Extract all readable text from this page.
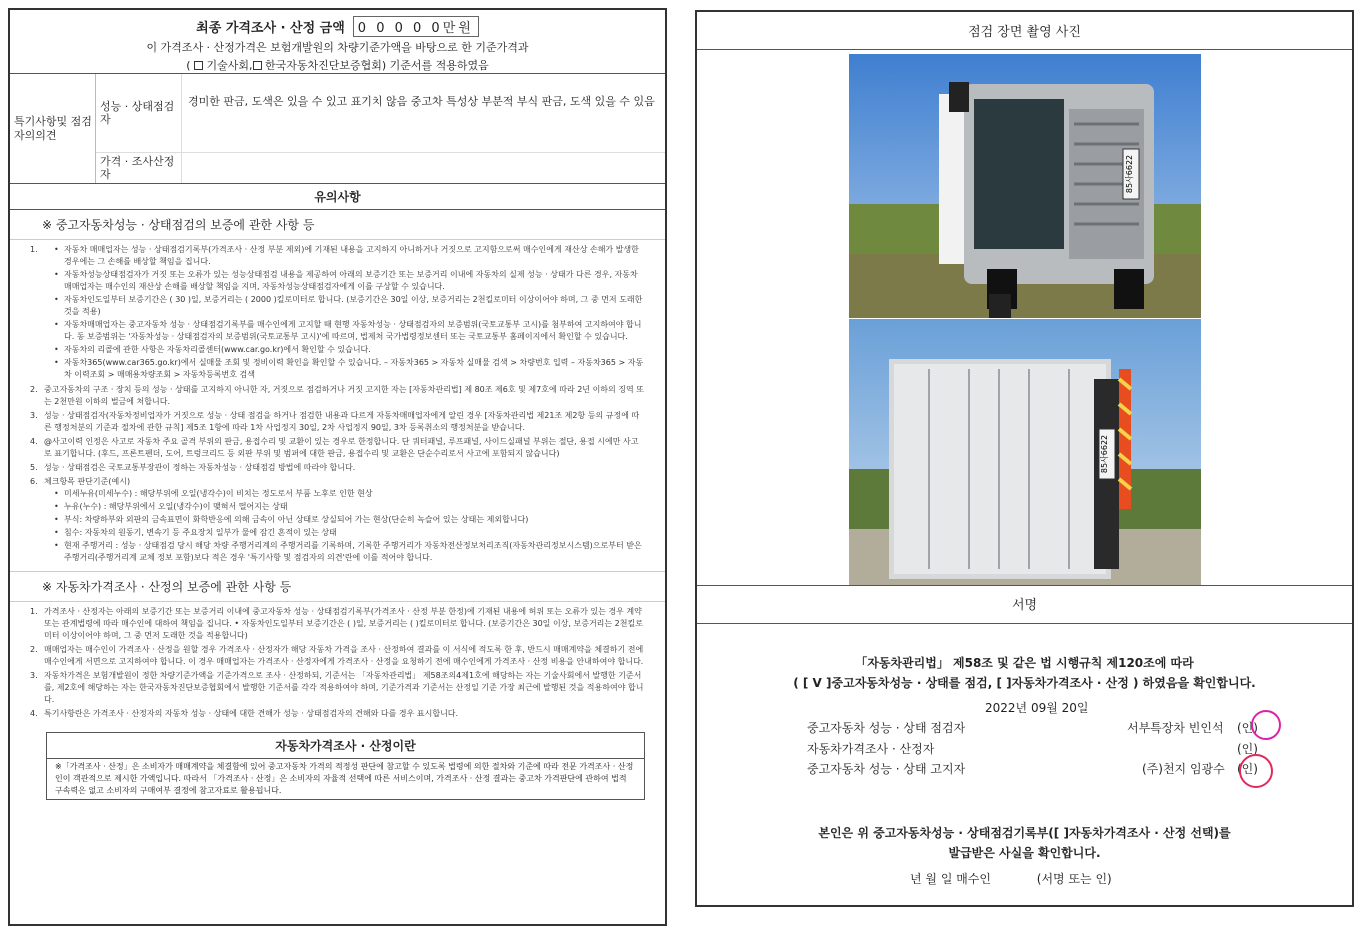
최종 가격조사 · 산정 금액	0 0 0 0 0만원
이 가격조사 · 산정가격은 보험개발원의 차량기준가액을 바탕으로 한 기준가격과
(  기술사회, 한국자동차진단보증협회) 기준서를 적용하였음
특기사항및 점검자의의견
성능 · 상태점검자
경미한 판금, 도색은 있을 수 있고 표기치 않음 중고차 특성상 부분적 부식 판금, 도색 있을 수 있음
가격 · 조사산정자
유의사항
※ 중고자동차성능 · 상태점검의 보증에 관한 사항 등
1.
•	자동차 매매업자는 성능 · 상태점검기록부(가격조사 · 산정 부분 제외)에 기재된 내용을 고지하지 아니하거나 거짓으로 고지함으로써 매수인에게 재산상 손해가 발생한 경우에는 그 손해를 배상할 책임을 집니다.
• 자동차성능상태점검자가 거짓 또는 오류가 있는 성능상태점검 내용을 제공하여 아래의 보증기간 또는 보증거리 이내에 자동차의 실제 성능 · 상태가 다른 경우, 자동차매매업자는 매수인의 재산상 손해를 배상할 책임을 지며, 자동차성능상태점검자에게 이를 구상할 수 있습니다.
• 자동차인도일부터 보증기간은 ( 30 )일, 보증거리는 ( 2000 )킬로미터로 합니다. (보증기간은 30일 이상, 보증거리는 2천킬로미터 이상이어야 하며, 그 중 먼저 도래한 것을 적용)
• 자동차매매업자는 중고자동차 성능 · 상태점검기록부를 매수인에게 고지할 때 현행 자동차성능 · 상태점검자의 보증범위(국토교통부 고시)를 첨부하여 고지하여야 합니다. 동 보증범위는 '자동차성능 · 상태점검자의 보증범위(국토교통부 고시)'에 따르며, 법제처 국가법령정보센터 또는 국토교통부 홈페이지에서 확인할 수 있습니다.
• 자동차의 리콜에 관한 사항은 자동차리콜센터(www.car.go.kr)에서 확인할 수 있습니다.
• 자동차365(www.car365.go.kr)에서 실매물 조회 및 정비이력 확인을 확인할 수 있습니다. – 자동차365 > 자동차 실매물 검색 > 차량번호 입력 – 자동차365 > 자동차 이력조회 > 매매용차량조회 > 자동차등록번호 검색
2. 중고자동차의 구조 · 장치 등의 성능 · 상태를 고지하지 아니한 자, 거짓으로 점검하거나 거짓 고지한 자는 [자동차관리법] 제 80조 제6호 및 제7호에 따라 2년 이하의 징역 또는 2천만원 이하의 벌금에 처합니다.
3. 성능 · 상태점검자(자동차정비업자가 거짓으로 성능 · 상태 점검을 하거나 점검한 내용과 다르게 자동차매매업자에게 알린 경우 [자동차관리법 제21조 제2항 등의 규정에 따른 행정처분의 기준과 절차에 관한 규칙] 제5조 1항에 따라 1차 사업정지 30일, 2차 사업정지 90일, 3차 등록취소의 행정처분을 받습니다.
4. @사고이력 인정은 사고로 자동차 주요 골격 부위의 판금, 용접수리 및 교환이 있는 경우로 한정합니다. 단 쿼터패널, 루프패널, 사이드실패널 부위는 절단, 용접 시에만 사고로 표기합니다. (후드, 프론트펜더, 도어, 트렁크리드 등 외판 부위 및 범퍼에 대한 판금, 용접수리 및 교환은 단순수리로서 사고에 포함되지 않습니다)
5. 성능 · 상태점검은 국토교통부장관이 정하는 자동차성능 · 상태점검 방법에 따라야 합니다.
6. 체크항목 판단기준(예시)
• 미세누유(미세누수) : 해당부위에 오일(냉각수)이 비치는 정도로서 부품 노후로 인한 현상
• 누유(누수) : 해당부위에서 오일(냉각수)이 맺혀서 떨어지는 상태
• 부식: 차량하부와 외판의 금속표면이 화학반응에 의해 금속이 아닌 상태로 상실되어 가는 현상(단순히 녹슬어 있는 상태는 제외합니다)
• 침수: 자동차의 원동기, 변속기 등 주요장치 일부가 물에 잠긴 흔적이 있는 상태
• 현재 주행거리 : 성능 · 상태점검 당시 해당 차량 주행거리계의 주행거리를 기록하며, 기록한 주행거리가 자동차전산정보처리조직(자동차관리정보시스템)으로부터 받은 주행거리(주행거리계 교체 정보 포함)보다 적은 경우 '특기사항 및 점검자의 의견'란에 이를 적어야 합니다.
※ 자동차가격조사 · 산정의 보증에 관한 사항 등
1. 가격조사 · 산정자는 아래의 보증기간 또는 보증거리 이내에 중고자동차 성능 · 상태점검기록부(가격조사 · 산정 부분 한정)에 기재된 내용에 허위 또는 오류가 있는 경우 계약 또는 관계법령에 따라 매수인에 대하여 책임을 집니다. • 자동차인도일부터 보증기간은 ( )일, 보증거리는 ( )킬로미터로 합니다. (보증기간은 30일 이상, 보증거리는 2천킬로미터 이상이어야 하며, 그 중 먼저 도래한 것을 적용합니다)
2. 매매업자는 매수인이 가격조사 · 산정을 원할 경우 가격조사 · 산정자가 해당 자동차 가격을 조사 · 산정하여 결과를 이 서식에 적도록 한 후, 반드시 매매계약을 체결하기 전에 매수인에게 서면으로 고지하여야 합니다. 이 경우 매매업자는 가격조사 · 산정자에게 가격조사 · 산정을 요청하기 전에 매수인에게 가격조사 · 산정 비용을 안내하여야 합니다.
3. 자동차가격은 보험개발원이 정한 차량기준가액을 기준가격으로 조사 · 산정하되, 기준서는 「자동차관리법」 제58조의4제1호에 해당하는 자는 기술사회에서 발행한 기준서를, 제2호에 해당하는 자는 한국자동차진단보증협회에서 발행한 기준서를 각각 적용하여야 하며, 기준가격과 기준서는 산정일 기준 가장 최근에 발행된 것을 적용하여야 합니다.
4. 특기사항란은 가격조사 · 산정자의 자동차 성능 · 상태에 대한 견해가 성능 · 상태점검자의 견해와 다를 경우 표시합니다.
자동차가격조사 · 산정이란
※「가격조사 · 산정」은 소비자가 매매계약을 체결함에 있어 중고자동차 가격의 적정성 판단에 참고할 수 있도록 법령에 의한 절차와 기준에 따라 전문 가격조사 · 산정인이 객관적으로 제시한 가액입니다. 따라서 「가격조사 · 산정」은 소비자의 자율적 선택에 따른 서비스이며, 가격조사 · 산정 결과는 중고차 가격판단에 관하여 법적 구속력은 없고 소비자의 구매여부 결정에 참고자료로 활용됩니다.
점검 장면 촬영 사진
85사6622
85사6622
서명
「자동차관리법」 제58조 및 같은 법 시행규칙 제120조에 따라
( [ V ]중고자동차성능 · 상태를 점검, [ ]자동차가격조사 · 산정 ) 하였음을 확인합니다.
2022년 09월 20일
중고자동차 성능 · 상태 점검자	서부특장차 빈인석 (인)
자동차가격조사 · 산정자	(인)
중고자동차 성능 · 상태 고지자	(주)천지 임광수 (인)
본인은 위 중고자동차성능 · 상태점검기록부([ ]자동차가격조사 · 산정 선택)를
발급받은 사실을 확인합니다.
년 월 일 매수인	(서명 또는 인)
